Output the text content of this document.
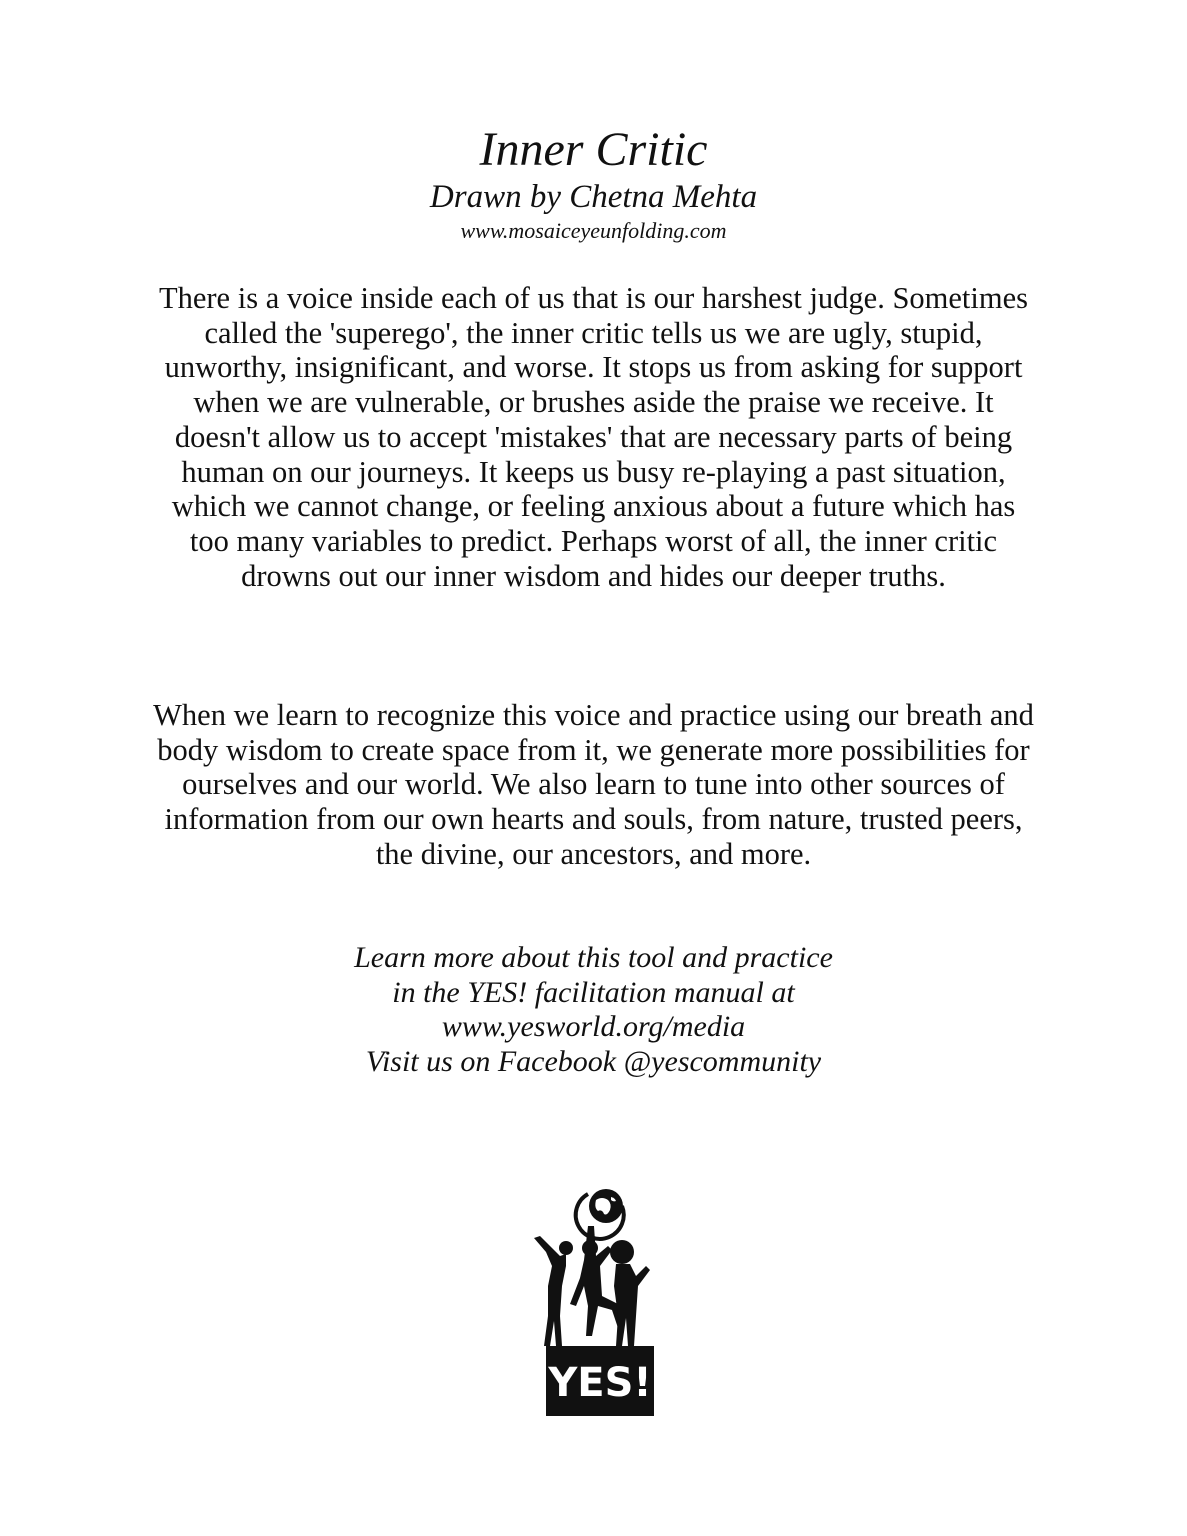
Inner Critic
Drawn by Chetna Mehta
www.mosaiceyeunfolding.com

There is a voice inside each of us that is our harshest judge. Sometimes called the 'superego', the inner critic tells us we are ugly, stupid, unworthy, insignificant, and worse. It stops us from asking for support when we are vulnerable, or brushes aside the praise we receive. It doesn't allow us to accept 'mistakes' that are necessary parts of being human on our journeys. It keeps us busy re-playing a past situation, which we cannot change, or feeling anxious about a future which has too many variables to predict. Perhaps worst of all, the inner critic drowns out our inner wisdom and hides our deeper truths.

When we learn to recognize this voice and practice using our breath and body wisdom to create space from it, we generate more possibilities for ourselves and our world. We also learn to tune into other sources of information from our own hearts and souls, from nature, trusted peers, the divine, our ancestors, and more.

Learn more about this tool and practice
in the YES! facilitation manual at
www.yesworld.org/media
Visit us on Facebook @yescommunity
YES!
